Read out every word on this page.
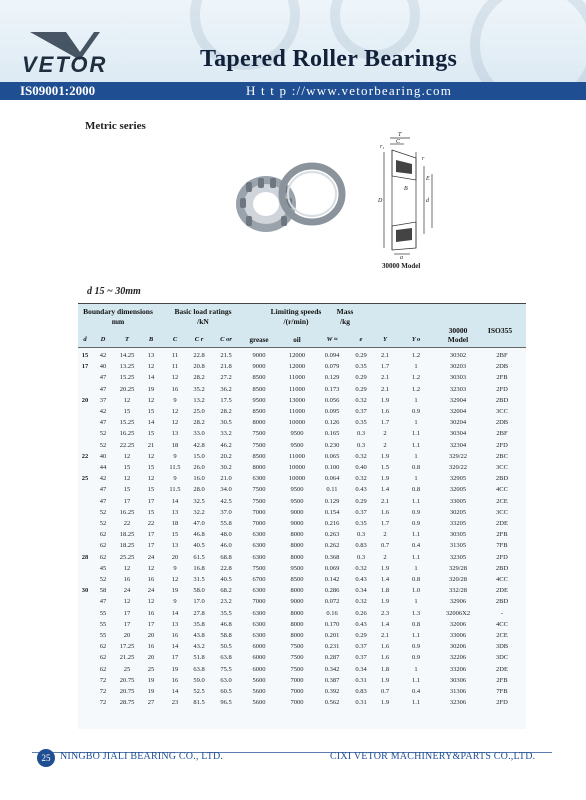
VETOR	Tapered Roller Bearings
IS09001:2000	H t t p ://www.vetorbearing.com
Metric series
T
C
r₁
r
B
D	d
E
a
30000 Model
d 15 ~ 30mm
Boundary dimensions
mm
Basic load ratings
/kN
Limiting speeds
/(r/min)
Mass
/kg
30000
Model
ISO355
d	D	T	B	C	C r	C or	grease	oil	W ≈	e	Y	Y o
15	42	14.25	13	11	22.8	21.5	9000	12000	0.094	0.29	2.1	1.2	30302	2BF
17	40	13.25	12	11	20.8	21.8	9000	12000	0.079	0.35	1.7	1	30203	2DB
47	15.25	14	12	28.2	27.2	8500	11000	0.129	0.29	2.1	1.2	30303	2FB
47	20.25	19	16	35.2	36.2	8500	11000	0.173	0.29	2.1	1.2	32303	2FD
20	37	12	12	9	13.2	17.5	9500	13000	0.056	0.32	1.9	1	32904	2BD
42	15	15	12	25.0	28.2	8500	11000	0.095	0.37	1.6	0.9	32004	3CC
47	15.25	14	12	28.2	30.5	8000	10000	0.126	0.35	1.7	1	30204	2DB
52	16.25	15	13	33.0	33.2	7500	9500	0.165	0.3	2	1.1	30304	2BF
52	22.25	21	18	42.8	46.2	7500	9500	0.230	0.3	2	1.1	32304	2FD
22	40	12	12	9	15.0	20.2	8500	11000	0.065	0.32	1.9	1	329/22	2BC
44	15	15	11.5	26.0	30.2	8000	10000	0.100	0.40	1.5	0.8	320/22	3CC
25	42	12	12	9	16.0	21.0	6300	10000	0.064	0.32	1.9	1	32905	2BD
47	15	15	11.5	28.0	34.0	7500	9500	0.11	0.43	1.4	0.8	32005	4CC
47	17	17	14	32.5	42.5	7500	9500	0.129	0.29	2.1	1.1	33005	2CE
52	16.25	15	13	32.2	37.0	7000	9000	0.154	0.37	1.6	0.9	30205	3CC
52	22	22	18	47.0	55.8	7000	9000	0.216	0.35	1.7	0.9	33205	2DE
62	18.25	17	15	46.8	48.0	6300	8000	0.263	0.3	2	1.1	30305	2FB
62	18.25	17	13	40.5	46.0	6300	8000	0.262	0.83	0.7	0.4	31305	7FB
28	62	25.25	24	20	61.5	68.8	6300	8000	0.368	0.3	2	1.1	32305	2FD
45	12	12	9	16.8	22.8	7500	9500	0.069	0.32	1.9	1	329/28	2BD
52	16	16	12	31.5	40.5	6700	8500	0.142	0.43	1.4	0.8	320/28	4CC
30	58	24	24	19	58.0	68.2	6300	8000	0.286	0.34	1.8	1.0	332/28	2DE
47	12	12	9	17.0	23.2	7000	9000	0.072	0.32	1.9	1	32906	2BD
55	17	16	14	27.8	35.5	6300	8000	0.16	0.26	2.3	1.3	32006X2	-
55	17	17	13	35.8	46.8	6300	8000	0.170	0.43	1.4	0.8	32006	4CC
55	20	20	16	43.8	58.8	6300	8000	0.201	0.29	2.1	1.1	33006	2CE
62	17.25	16	14	43.2	50.5	6000	7500	0.231	0.37	1.6	0.9	30206	3DB
62	21.25	20	17	51.8	63.8	6000	7500	0.287	0.37	1.6	0.9	32206	3DC
62	25	25	19	63.8	75.5	6000	7500	0.342	0.34	1.8	1	33206	2DE
72	20.75	19	16	59.0	63.0	5600	7000	0.387	0.31	1.9	1.1	30306	2FB
72	20.75	19	14	52.5	60.5	5600	7000	0.392	0.83	0.7	0.4	31306	7FB
72	28.75	27	23	81.5	96.5	5600	7000	0.562	0.31	1.9	1.1	32306	2FD
25 NINGBO JIALI BEARING CO., LTD.	CIXI VETOR MACHINERY&PARTS CO.,LTD.
